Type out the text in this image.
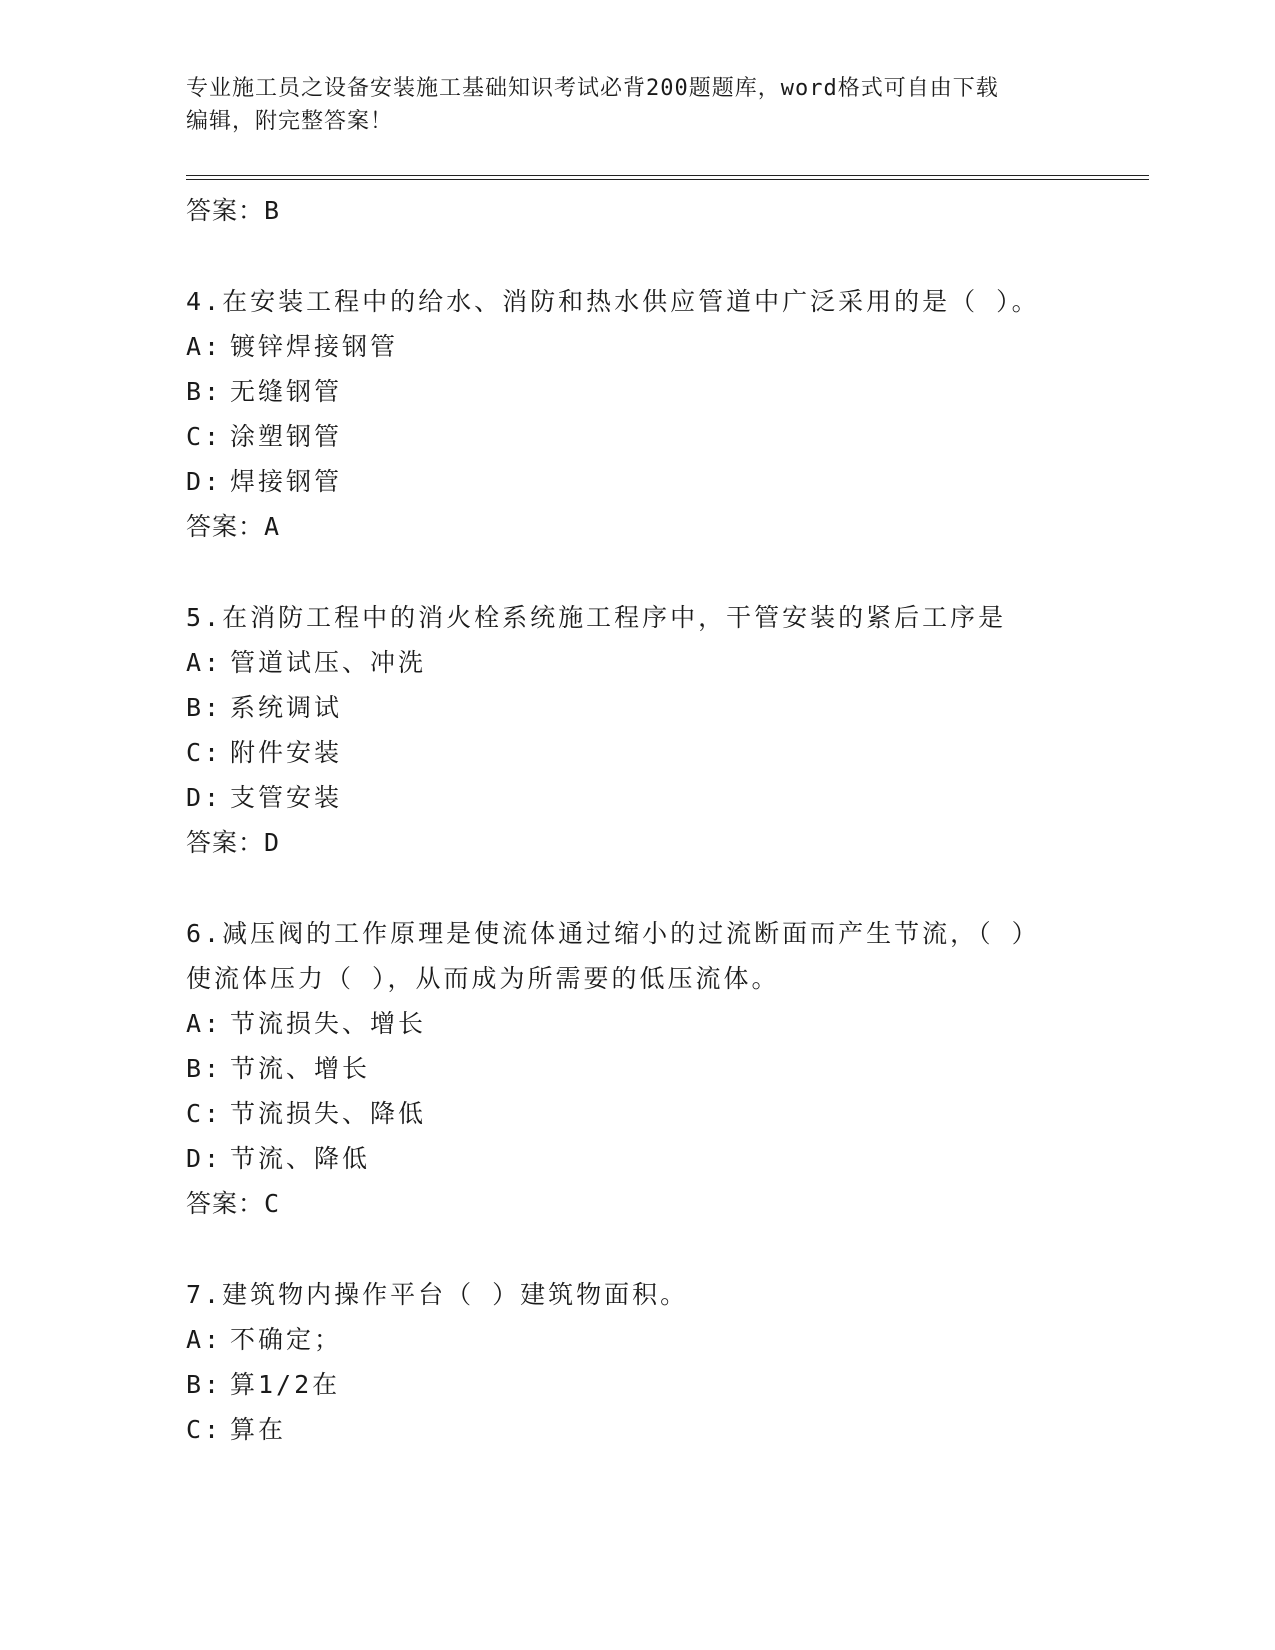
专业施工员之设备安装施工基础知识考试必背200题题库，word格式可自由下载
编辑，附完整答案！
答案：B
4.在安装工程中的给水、消防和热水供应管道中广泛采用的是（ ）。
A: 镀锌焊接钢管
B: 无缝钢管
C: 涂塑钢管
D: 焊接钢管
答案：A
5.在消防工程中的消火栓系统施工程序中，干管安装的紧后工序是
A: 管道试压、冲洗
B: 系统调试
C: 附件安装
D: 支管安装
答案：D
6.减压阀的工作原理是使流体通过缩小的过流断面而产生节流，（ ）
使流体压力（ ），从而成为所需要的低压流体。
A: 节流损失、增长
B: 节流、增长
C: 节流损失、降低
D: 节流、降低
答案：C
7.建筑物内操作平台（ ）建筑物面积。
A: 不确定；
B: 算1/2在
C: 算在
